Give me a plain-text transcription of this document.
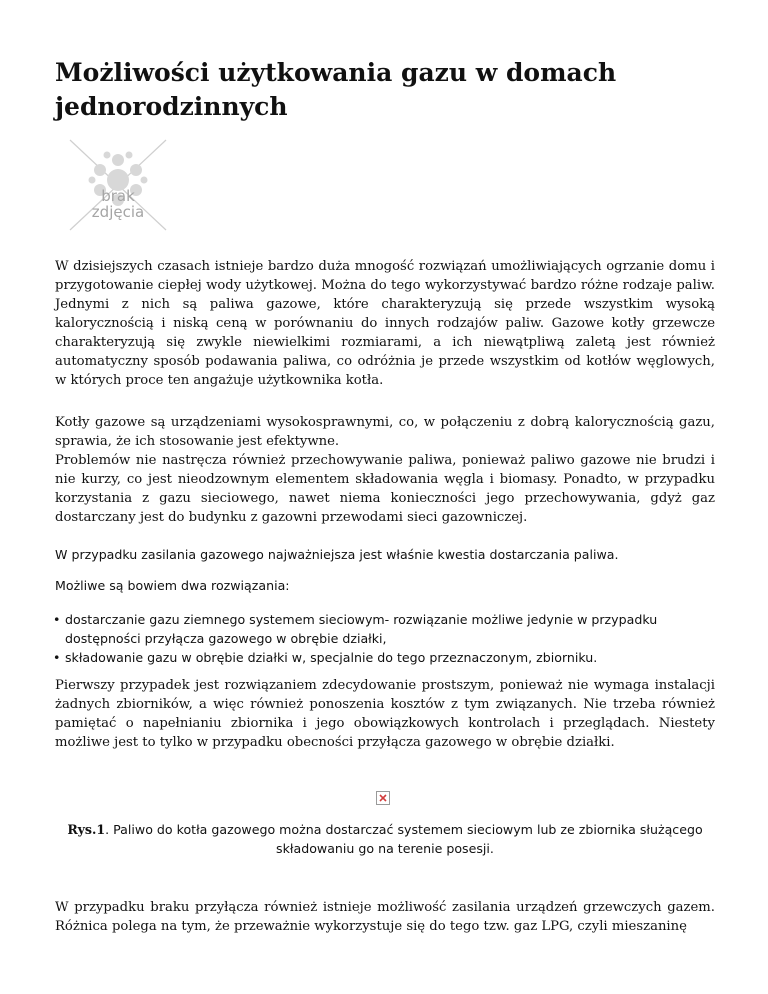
Możliwości użytkowania gazu w domach jednorodzinnych
brak
zdjęcia

W dzisiejszych czasach istnieje bardzo duża mnogość rozwiązań umożliwiających ogrzanie domu i przygotowanie ciepłej wody użytkowej. Można do tego wykorzystywać bardzo różne rodzaje paliw. Jednymi z nich są paliwa gazowe, które charakteryzują się przede wszystkim wysoką kalorycznością i niską ceną w porównaniu do innych rodzajów paliw. Gazowe kotły grzewcze charakteryzują się zwykle niewielkimi rozmiarami, a ich niewątpliwą zaletą jest również automatyczny sposób podawania paliwa, co odróżnia je przede wszystkim od kotłów węglowych, w których proce ten angażuje użytkownika kotła.

Kotły gazowe są urządzeniami wysokosprawnymi, co, w połączeniu z dobrą kalorycznością gazu, sprawia, że ich stosowanie jest efektywne.

Problemów nie nastręcza również przechowywanie paliwa, ponieważ paliwo gazowe nie brudzi i nie kurzy, co jest nieodzownym elementem składowania węgla i biomasy. Ponadto, w przypadku korzystania z gazu sieciowego, nawet niema konieczności jego przechowywania, gdyż gaz dostarczany jest do budynku z gazowni przewodami sieci gazowniczej.

W przypadku zasilania gazowego najważniejsza jest właśnie kwestia dostarczania paliwa.

Możliwe są bowiem dwa rozwiązania:

• dostarczanie gazu ziemnego systemem sieciowym- rozwiązanie możliwe jedynie w przypadku dostępności przyłącza gazowego w obrębie działki,
• składowanie gazu w obrębie działki w, specjalnie do tego przeznaczonym, zbiorniku.

Pierwszy przypadek jest rozwiązaniem zdecydowanie prostszym, ponieważ nie wymaga instalacji żadnych zbiorników, a więc również ponoszenia kosztów z tym związanych. Nie trzeba również pamiętać o napełnianiu zbiornika i jego obowiązkowych kontrolach i przeglądach. Niestety możliwe jest to tylko w przypadku obecności przyłącza gazowego w obrębie działki.

Rys.1. Paliwo do kotła gazowego można dostarczać systemem sieciowym lub ze zbiornika służącego składowaniu go na terenie posesji.

W przypadku braku przyłącza również istnieje możliwość zasilania urządzeń grzewczych gazem. Różnica polega na tym, że przeważnie wykorzystuje się do tego tzw. gaz LPG, czyli mieszaninę
